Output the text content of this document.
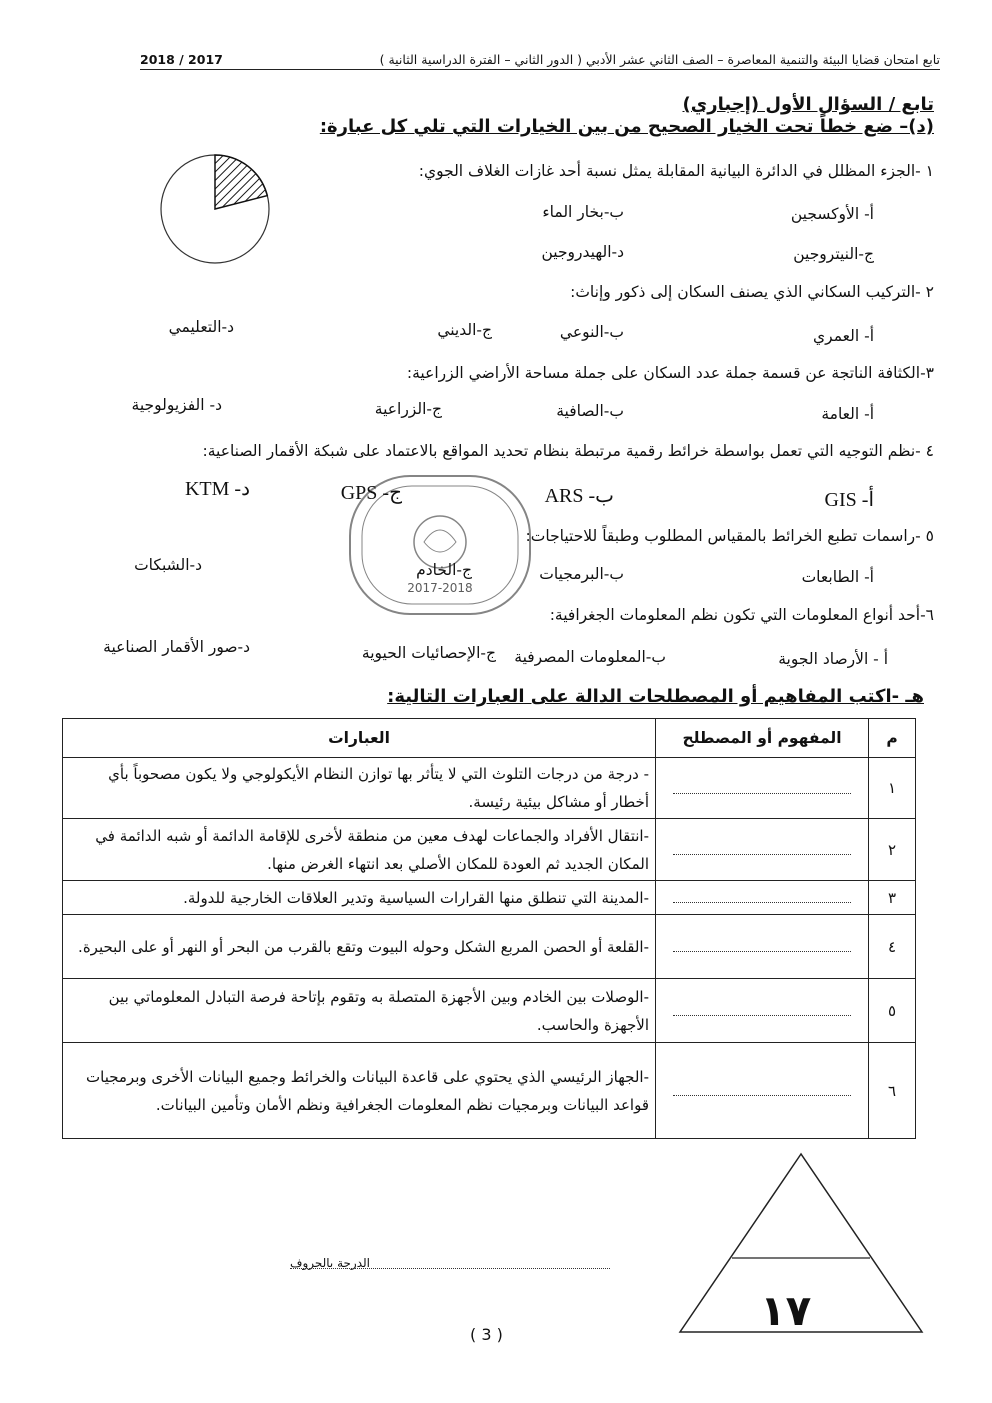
تابع امتحان قضايا البيئة والتنمية المعاصرة – الصف الثاني عشر الأدبي ( الدور الثاني – الفترة الدراسية الثانية )
2018 / 2017
تابع / السؤال الأول (إجباري)
(د)– ضع خطاً تحت الخيار الصحيح من بين الخيارات التي تلي كل عبارة:
١ -الجزء المظلل في الدائرة البيانية المقابلة يمثل نسبة أحد غازات الغلاف الجوي:
أ- الأوكسجين
ب-بخار الماء
ج-النيتروجين
د-الهيدروجين
٢ -التركيب السكاني الذي يصنف السكان إلى ذكور وإناث:
أ- العمري
ب-النوعي
ج-الديني
د-التعليمي
٣-الكثافة الناتجة عن قسمة جملة عدد السكان على جملة مساحة الأراضي الزراعية:
أ- العامة
ب-الصافية
ج-الزراعية
د- الفزيولوجية
٤ -نظم التوجيه التي تعمل بواسطة خرائط رقمية مرتبطة بنظام تحديد المواقع بالاعتماد على شبكة الأقمار الصناعية:
أ- GIS
ب- ARS
ج- GPS
د- KTM
2017-2018
٥ -راسمات تطبع الخرائط بالمقياس المطلوب وطبقاً للاحتياجات:
أ- الطابعات
ب-البرمجيات
ج-الخادم
د-الشبكات
٦-أحد أنواع المعلومات التي تكون نظم المعلومات الجغرافية:
أ - الأرصاد الجوية
ب-المعلومات المصرفية
ج-الإحصائيات الحيوية
د-صور الأقمار الصناعية
هـ -اكتب المفاهيم أو المصطلحات الدالة على العبارات التالية:
م	المفهوم أو المصطلح	العبارات
١		- درجة من درجات التلوث التي لا يتأثر بها توازن النظام الأيكولوجي ولا يكون مصحوباً بأي أخطار أو مشاكل بيئية رئيسة.
٢		-انتقال الأفراد والجماعات لهدف معين من منطقة لأخرى للإقامة الدائمة أو شبه الدائمة في المكان الجديد ثم العودة للمكان الأصلي بعد انتهاء الغرض منها.
٣		-المدينة التي تنطلق منها القرارات السياسية وتدير العلاقات الخارجية للدولة.
٤		-القلعة أو الحصن المربع الشكل وحوله البيوت وتقع بالقرب من البحر أو النهر أو على البحيرة.
٥		-الوصلات بين الخادم وبين الأجهزة المتصلة به وتقوم بإتاحة فرصة التبادل المعلوماتي بين الأجهزة والحاسب.
٦		-الجهاز الرئيسي الذي يحتوي على قاعدة البيانات والخرائط وجميع البيانات الأخرى وبرمجيات قواعد البيانات وبرمجيات نظم المعلومات الجغرافية ونظم الأمان وتأمين البيانات.
الدرجة بالحروف
١٧
( 3 )
